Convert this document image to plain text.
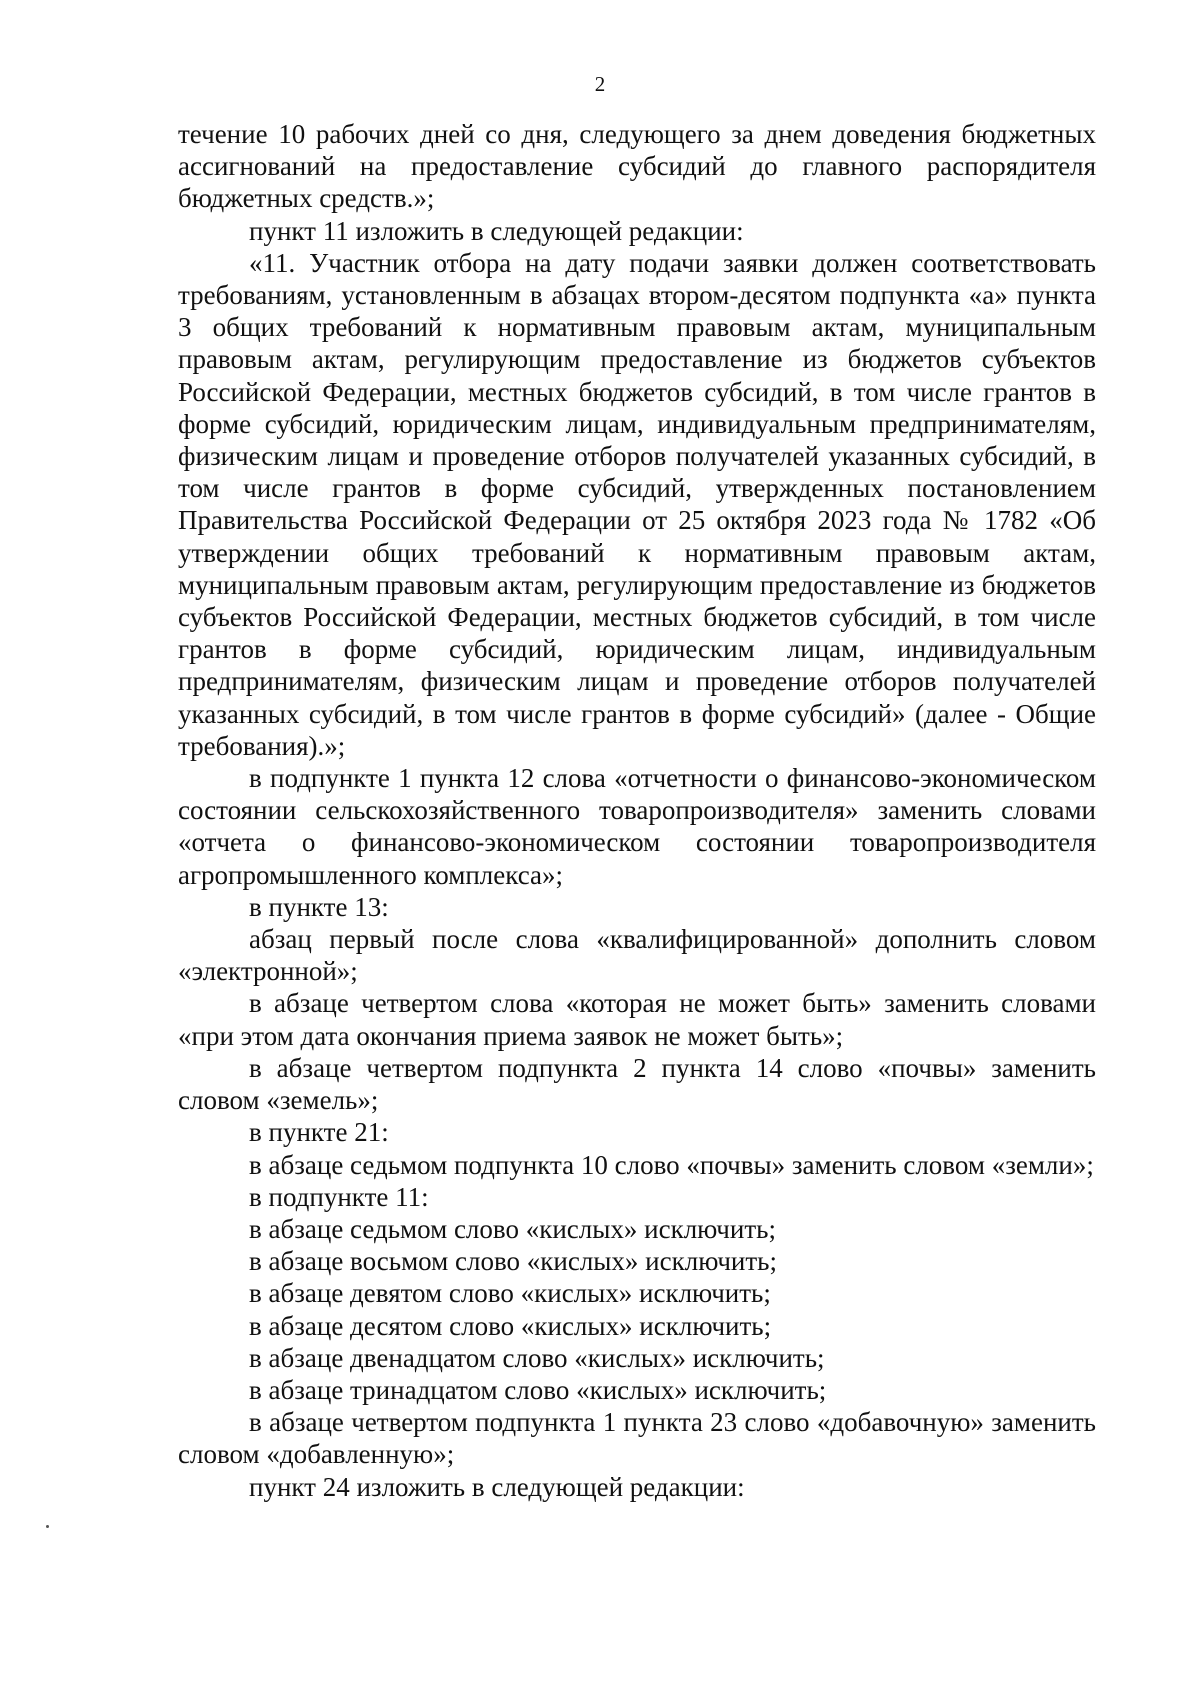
2

течение 10 рабочих дней со дня, следующего за днем доведения бюджетных ассигнований на предоставление субсидий до главного распорядителя бюджетных средств.»;

пункт 11 изложить в следующей редакции:

«11. Участник отбора на дату подачи заявки должен соответствовать требованиям, установленным в абзацах втором-десятом подпункта «а» пункта 3 общих требований к нормативным правовым актам, муниципальным правовым актам, регулирующим предоставление из бюджетов субъектов Российской Федерации, местных бюджетов субсидий, в том числе грантов в форме субсидий, юридическим лицам, индивидуальным предпринимателям, физическим лицам и проведение отборов получателей указанных субсидий, в том числе грантов в форме субсидий, утвержденных постановлением Правительства Российской Федерации от 25 октября 2023 года № 1782 «Об утверждении общих требований к нормативным правовым актам, муниципальным правовым актам, регулирующим предоставление из бюджетов субъектов Российской Федерации, местных бюджетов субсидий, в том числе грантов в форме субсидий, юридическим лицам, индивидуальным предпринимателям, физическим лицам и проведение отборов получателей указанных субсидий, в том числе грантов в форме субсидий» (далее - Общие требования).»;

в подпункте 1 пункта 12 слова «отчетности о финансово-экономическом состоянии сельскохозяйственного товаропроизводителя» заменить словами «отчета о финансово-экономическом состоянии товаропроизводителя агропромышленного комплекса»;

в пункте 13:

абзац первый после слова «квалифицированной» дополнить словом «электронной»;

в абзаце четвертом слова «которая не может быть» заменить словами «при этом дата окончания приема заявок не может быть»;

в абзаце четвертом подпункта 2 пункта 14 слово «почвы» заменить словом «земель»;

в пункте 21:

в абзаце седьмом подпункта 10 слово «почвы» заменить словом «земли»;

в подпункте 11:

в абзаце седьмом слово «кислых» исключить;

в абзаце восьмом слово «кислых» исключить;

в абзаце девятом слово «кислых» исключить;

в абзаце десятом слово «кислых» исключить;

в абзаце двенадцатом слово «кислых» исключить;

в абзаце тринадцатом слово «кислых» исключить;

в абзаце четвертом подпункта 1 пункта 23 слово «добавочную» заменить словом «добавленную»;

пункт 24 изложить в следующей редакции:
